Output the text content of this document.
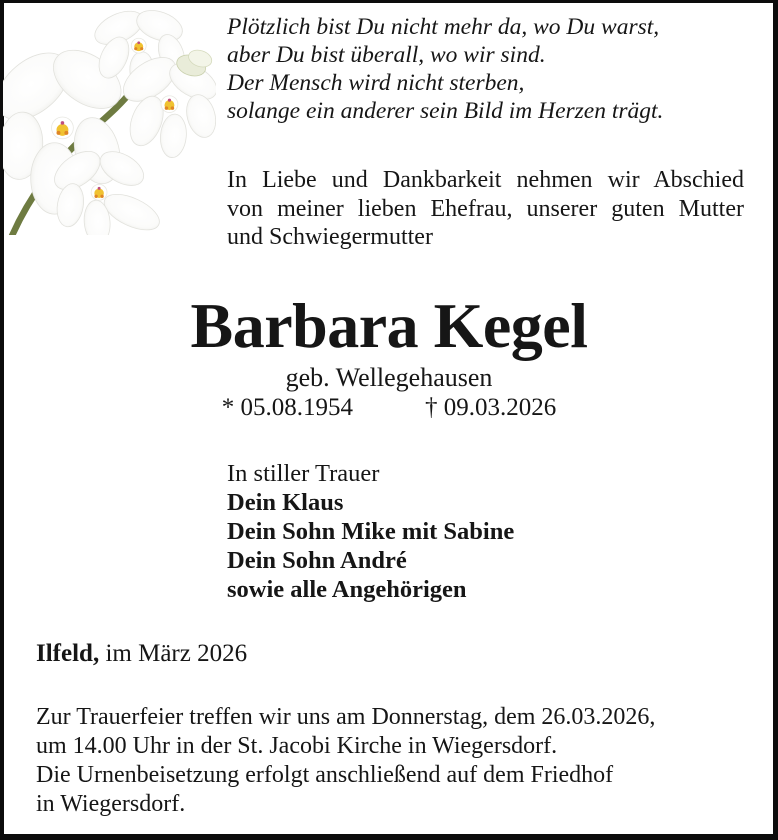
Plötzlich bist Du nicht mehr da, wo Du warst,
aber Du bist überall, wo wir sind.
Der Mensch wird nicht sterben,
solange ein anderer sein Bild im Herzen trägt.
In Liebe und Dankbarkeit nehmen wir Abschied
von meiner lieben Ehefrau, unserer guten Mutter
und Schwiegermutter
Barbara Kegel
geb. Wellegehausen
* 05.08.1954	† 09.03.2026
In stiller Trauer
Dein Klaus
Dein Sohn Mike mit Sabine
Dein Sohn André
sowie alle Angehörigen
Ilfeld, im März 2026
Zur Trauerfeier treffen wir uns am Donnerstag, dem 26.03.2026,
um 14.00 Uhr in der St. Jacobi Kirche in Wiegersdorf.
Die Urnenbeisetzung erfolgt anschließend auf dem Friedhof
in Wiegersdorf.
